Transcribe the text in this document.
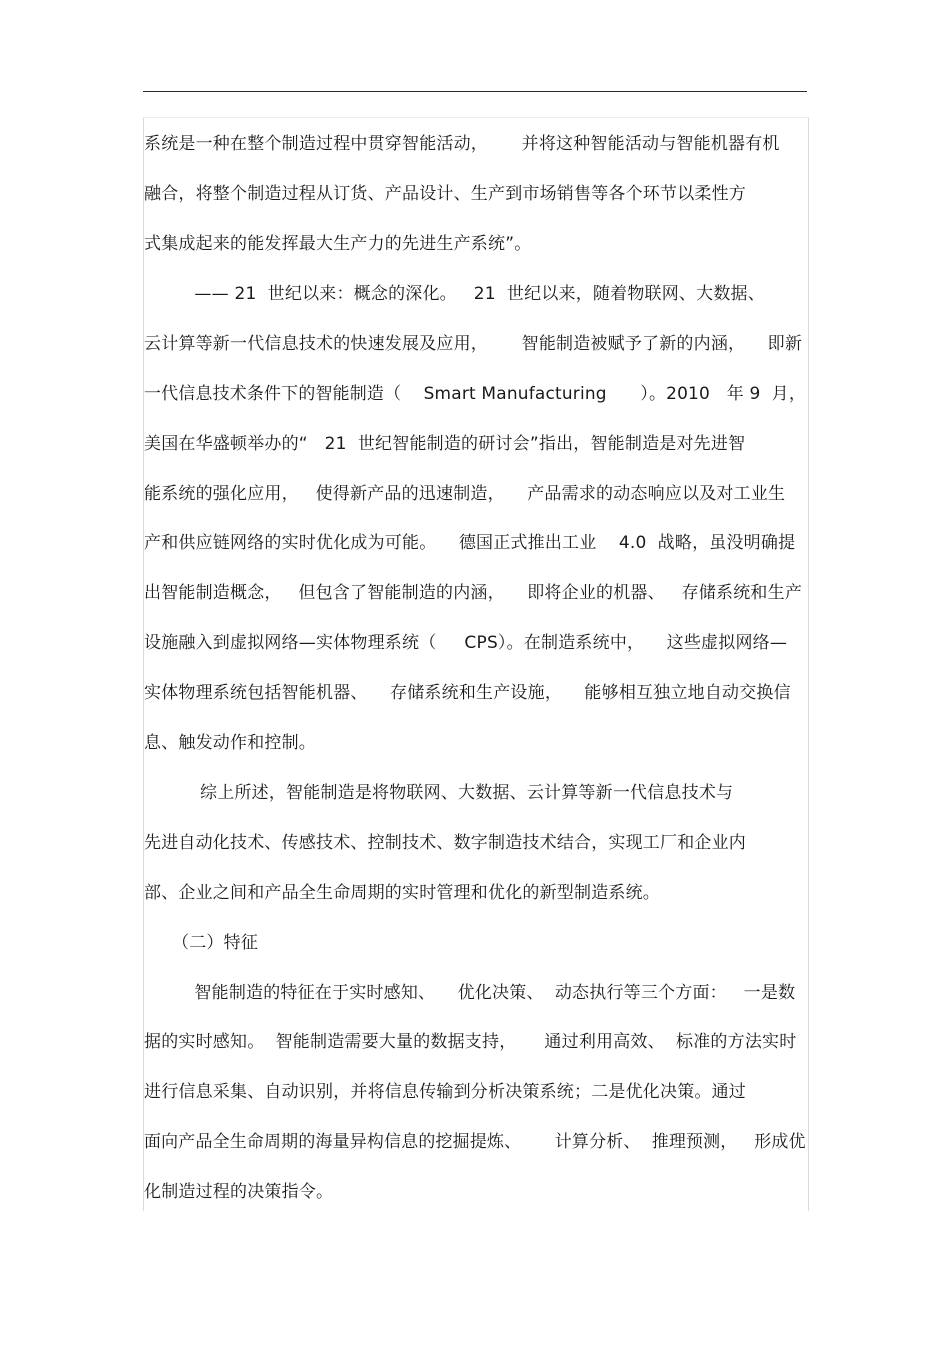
系统是一种在整个制造过程中贯穿智能活动，      并将这种智能活动与智能机器有机
融合，将整个制造过程从订货、产品设计、生产到市场销售等各个环节以柔性方
式集成起来的能发挥最大生产力的先进生产系统”。
—— 21  世纪以来：概念的深化。   21  世纪以来，随着物联网、大数据、
云计算等新一代信息技术的快速发展及应用，      智能制造被赋予了新的内涵，    即新
一代信息技术条件下的智能制造（    Smart Manufacturing      ）。2010   年 9  月，
美国在华盛顿举办的“   21  世纪智能制造的研讨会”指出，智能制造是对先进智
能系统的强化应用，   使得新产品的迅速制造，    产品需求的动态响应以及对工业生
产和供应链网络的实时优化成为可能。    德国正式推出工业    4.0  战略，虽没明确提
出智能制造概念，   但包含了智能制造的内涵，    即将企业的机器、   存储系统和生产
设施融入到虚拟网络—实体物理系统（     CPS）。在制造系统中，    这些虚拟网络—
实体物理系统包括智能机器、    存储系统和生产设施，    能够相互独立地自动交换信
息、触发动作和控制。
综上所述，智能制造是将物联网、大数据、云计算等新一代信息技术与
先进自动化技术、传感技术、控制技术、数字制造技术结合，实现工厂和企业内
部、企业之间和产品全生命周期的实时管理和优化的新型制造系统。
（二）特征
智能制造的特征在于实时感知、    优化决策、  动态执行等三个方面：   一是数
据的实时感知。  智能制造需要大量的数据支持，     通过利用高效、  标准的方法实时
进行信息采集、自动识别，并将信息传输到分析决策系统；二是优化决策。通过
面向产品全生命周期的海量异构信息的挖掘提炼、      计算分析、  推理预测，   形成优
化制造过程的决策指令。
